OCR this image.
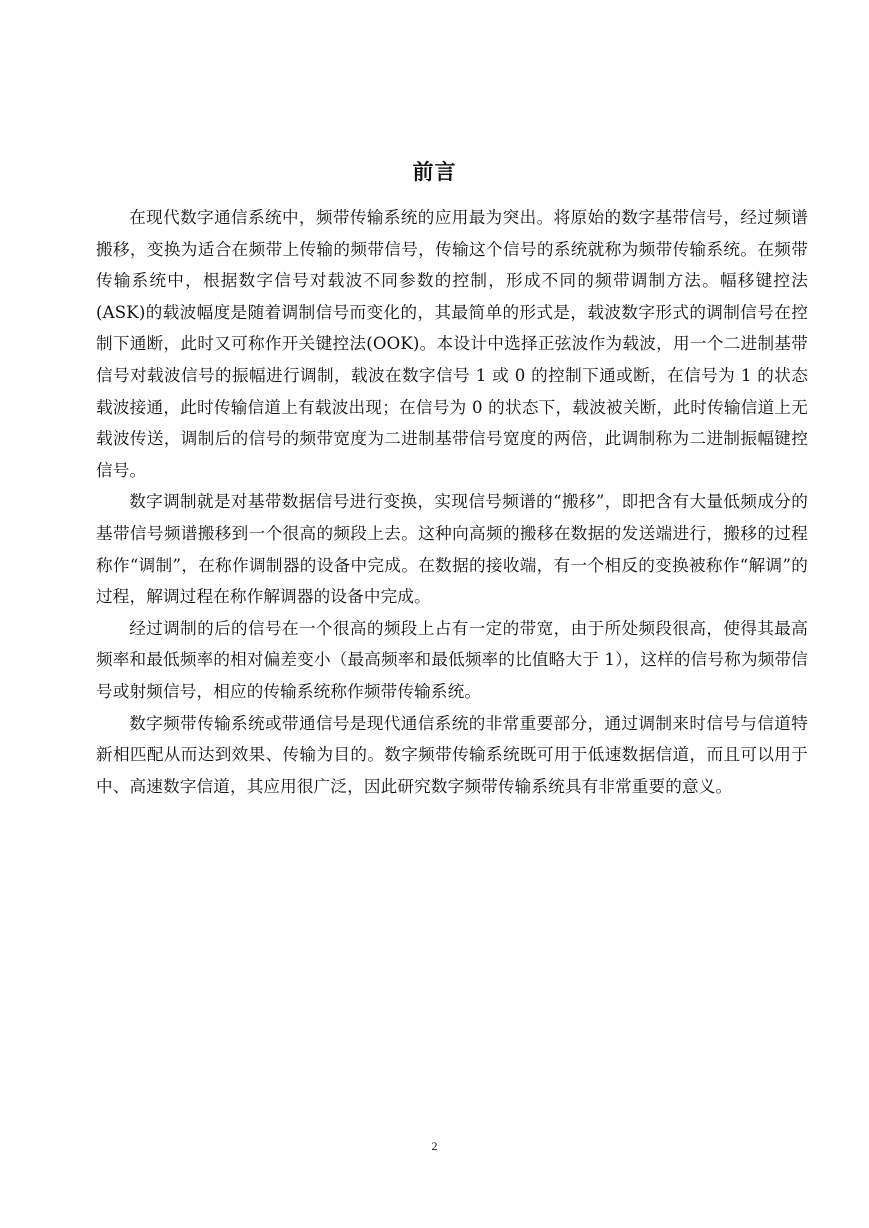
前言

在现代数字通信系统中，频带传输系统的应用最为突出。将原始的数字基带信号，经过频谱搬移，变换为适合在频带上传输的频带信号，传输这个信号的系统就称为频带传输系统。在频带传输系统中，根据数字信号对载波不同参数的控制，形成不同的频带调制方法。幅移键控法(ASK)的载波幅度是随着调制信号而变化的，其最简单的形式是，载波数字形式的调制信号在控制下通断，此时又可称作开关键控法(OOK)。本设计中选择正弦波作为载波，用一个二进制基带信号对载波信号的振幅进行调制，载波在数字信号 1 或 0 的控制下通或断，在信号为 1 的状态载波接通，此时传输信道上有载波出现；在信号为 0 的状态下，载波被关断，此时传输信道上无载波传送，调制后的信号的频带宽度为二进制基带信号宽度的两倍，此调制称为二进制振幅键控信号。

数字调制就是对基带数据信号进行变换，实现信号频谱的“搬移”，即把含有大量低频成分的基带信号频谱搬移到一个很高的频段上去。这种向高频的搬移在数据的发送端进行，搬移的过程称作“调制”，在称作调制器的设备中完成。在数据的接收端，有一个相反的变换被称作“解调”的过程，解调过程在称作解调器的设备中完成。

经过调制的后的信号在一个很高的频段上占有一定的带宽，由于所处频段很高，使得其最高频率和最低频率的相对偏差变小（最高频率和最低频率的比值略大于 1），这样的信号称为频带信号或射频信号，相应的传输系统称作频带传输系统。

数字频带传输系统或带通信号是现代通信系统的非常重要部分，通过调制来时信号与信道特新相匹配从而达到效果、传输为目的。数字频带传输系统既可用于低速数据信道，而且可以用于中、高速数字信道，其应用很广泛，因此研究数字频带传输系统具有非常重要的意义。

2
